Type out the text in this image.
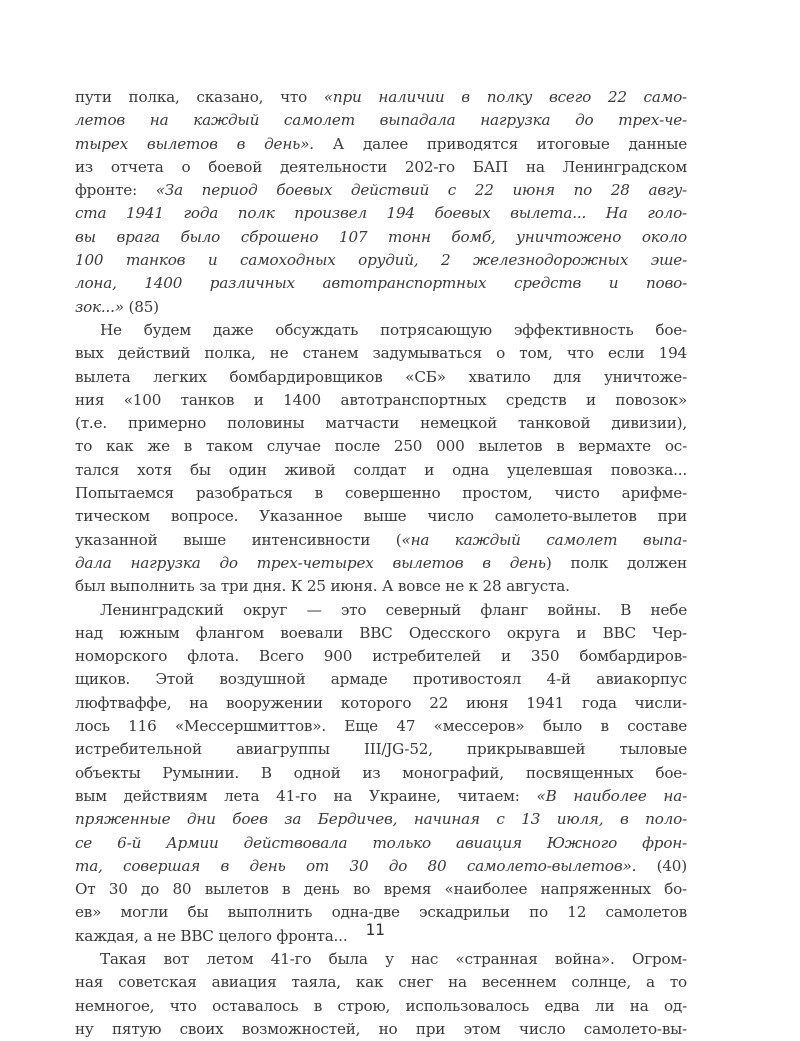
пути полка, сказано, что «при наличии в полку всего 22 само-
летов на каждый самолет выпадала нагрузка до трех-че-
тырех вылетов в день». А далее приводятся итоговые данные
из отчета о боевой деятельности 202-го БАП на Ленинградском
фронте: «За период боевых действий с 22 июня по 28 авгу-
ста 1941 года полк произвел 194 боевых вылета... На голо-
вы врага было сброшено 107 тонн бомб, уничтожено около
100 танков и самоходных орудий, 2 железнодорожных эше-
лона, 1400 различных автотранспортных средств и пово-
зок...» (85)
Не будем даже обсуждать потрясающую эффективность бое-
вых действий полка, не станем задумываться о том, что если 194
вылета легких бомбардировщиков «СБ» хватило для уничтоже-
ния «100 танков и 1400 автотранспортных средств и повозок»
(т.е. примерно половины матчасти немецкой танковой дивизии),
то как же в таком случае после 250 000 вылетов в вермахте ос-
тался хотя бы один живой солдат и одна уцелевшая повозка...
Попытаемся разобраться в совершенно простом, чисто арифме-
тическом вопросе. Указанное выше число самолето-вылетов при
указанной выше интенсивности («на каждый самолет выпа-
дала нагрузка до трех-четырех вылетов в день) полк должен
был выполнить за три дня. К 25 июня. А вовсе не к 28 августа.
Ленинградский округ — это северный фланг войны. В небе
над южным флангом воевали ВВС Одесского округа и ВВС Чер-
номорского флота. Всего 900 истребителей и 350 бомбардиров-
щиков. Этой воздушной армаде противостоял 4-й авиакорпус
люфтваффе, на вооружении которого 22 июня 1941 года числи-
лось 116 «Мессершмиттов». Еще 47 «мессеров» было в составе
истребительной авиагруппы III/JG-52, прикрывавшей тыловые
объекты Румынии. В одной из монографий, посвященных бое-
вым действиям лета 41-го на Украине, читаем: «В наиболее на-
пряженные дни боев за Бердичев, начиная с 13 июля, в поло-
се 6-й Армии действовала только авиация Южного фрон-
та, совершая в день от 30 до 80 самолето-вылетов». (40)
От 30 до 80 вылетов в день во время «наиболее напряженных бо-
ев» могли бы выполнить одна-две эскадрильи по 12 самолетов
каждая, а не ВВС целого фронта...
Такая вот летом 41-го была у нас «странная война». Огром-
ная советская авиация таяла, как снег на весеннем солнце, а то
немногое, что оставалось в строю, использовалось едва ли на од-
ну пятую своих возможностей, но при этом число самолето-вы-
11
